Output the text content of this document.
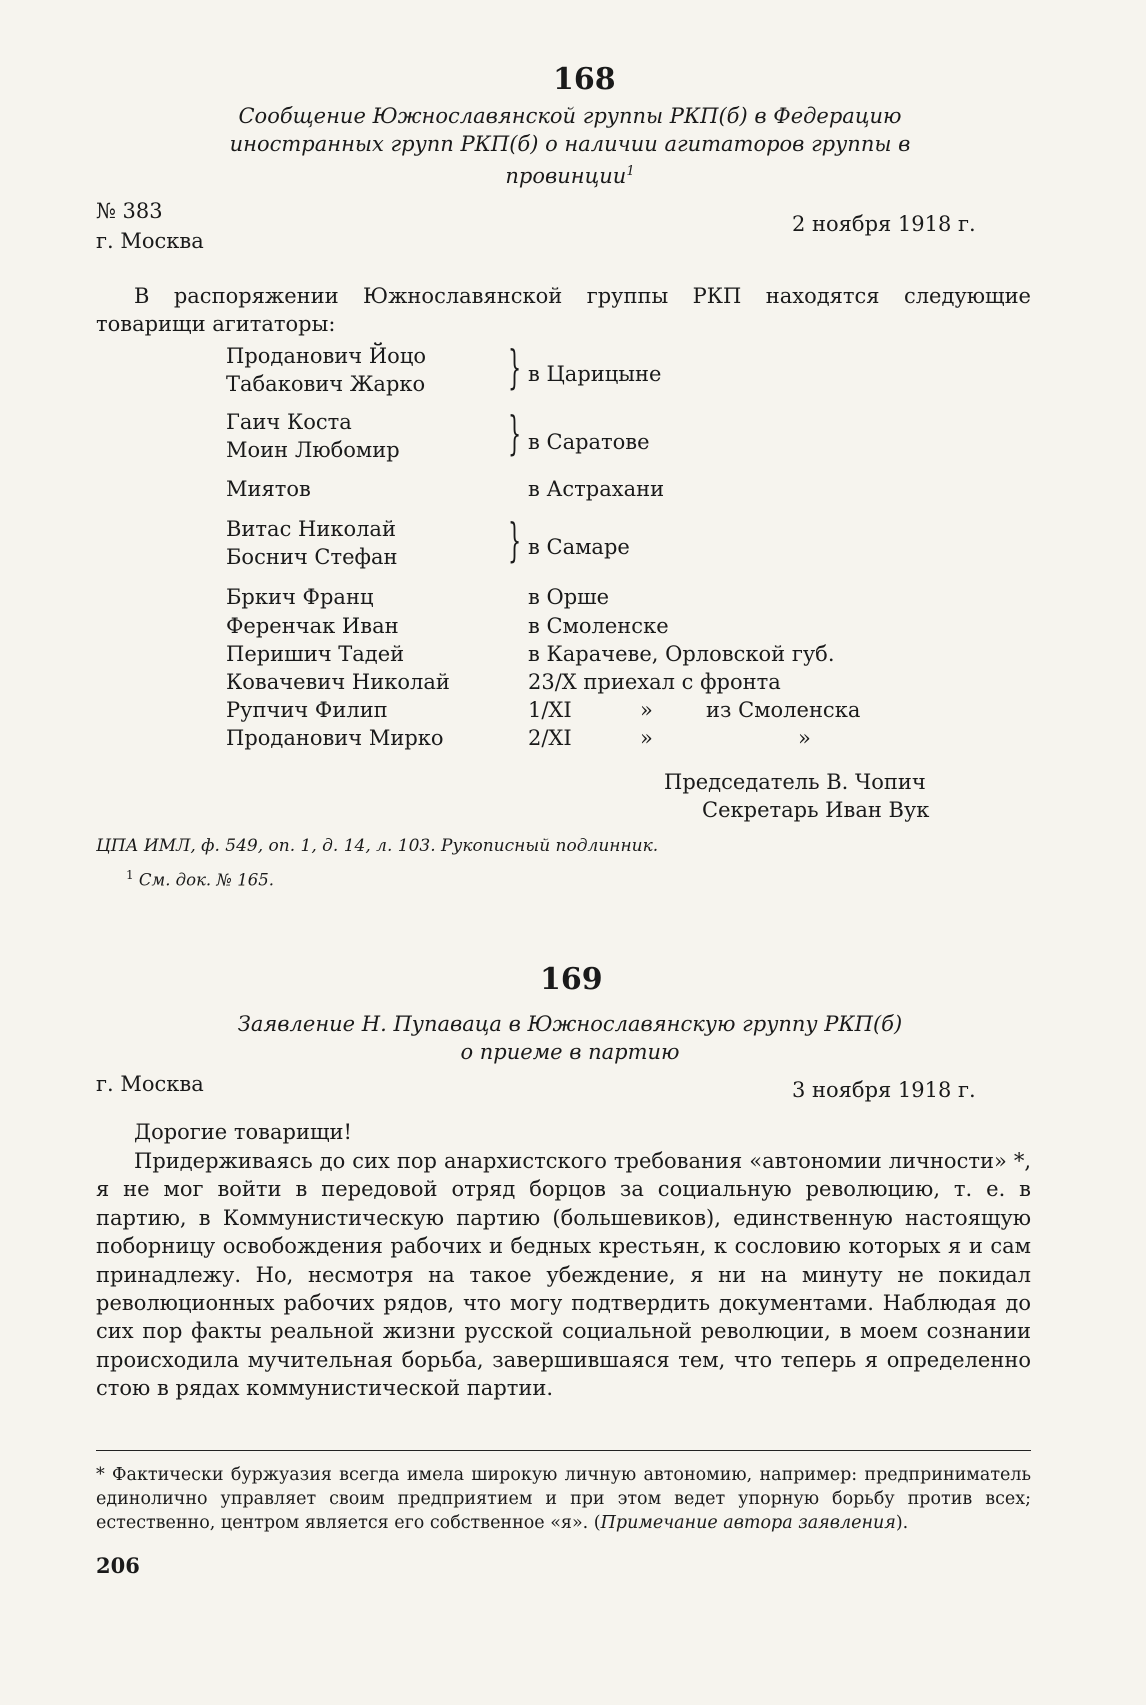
168
Сообщение Южнославянской группы РКП(б) в Федерацию иностранных групп РКП(б) о наличии агитаторов группы в провинции$^1$
№ 383
г. Москва
2 ноября 1918 г.
В распоряжении Южнославянской группы РКП находятся следующие товарищи агитаторы:
Проданович Йоцо
Табакович Жарко } в Царицыне
Гаич Коста
Моин Любомир } в Саратове
Миятов	в Астрахани
Витас Николай
Боснич Стефан } в Самаре
Бркич Франц	в Орше
Ференчак Иван	в Смоленске
Перишич Тадей	в Карачеве, Орловской губ.
Ковачевич Николай	23/X приехал с фронта
Рупчич Филип	1/XI	»	из Смоленска
Проданович Мирко	2/XI	»	»
Председатель В. Чопич
Секретарь Иван Вук
ЦПА ИМЛ, ф. 549, оп. 1, д. 14, л. 103. Рукописный подлинник.
$^1$ См. док. № 165.
169
Заявление Н. Пупаваца в Южнославянскую группу РКП(б)
о приеме в партию
г. Москва	3 ноября 1918 г.
Дорогие товарищи!
Придерживаясь до сих пор анархистского требования «автономии личности» *, я не мог войти в передовой отряд борцов за социальную революцию, т. е. в партию, в Коммунистическую партию (большевиков), единственную настоящую поборницу освобождения рабочих и бедных крестьян, к сословию которых я и сам принадлежу. Но, несмотря на такое убеждение, я ни на минуту не покидал революционных рабочих рядов, что могу подтвердить документами. Наблюдая до сих пор факты реальной жизни русской социальной революции, в моем сознании происходила мучительная борьба, завершившаяся тем, что теперь я определенно стою в рядах коммунистической партии.
* Фактически буржуазия всегда имела широкую личную автономию, например: предприниматель единолично управляет своим предприятием и при этом ведет упорную борьбу против всех; естественно, центром является его собственное «я». (Примечание автора заявления).
206
